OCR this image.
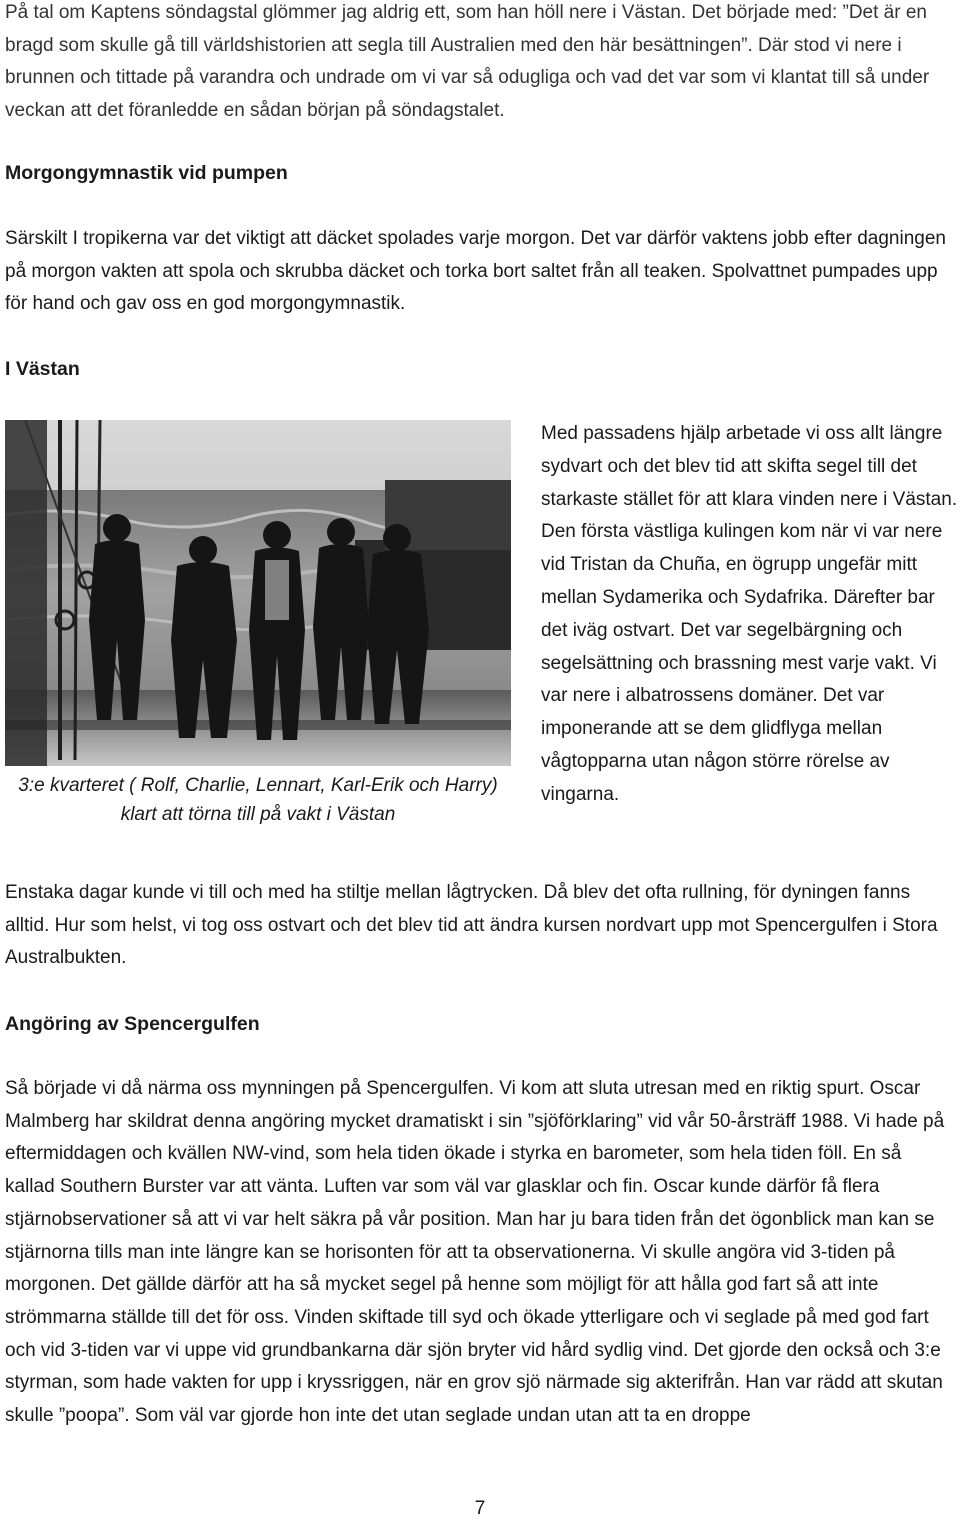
På tal om Kaptens söndagstal glömmer jag aldrig ett, som han höll nere i Västan. Det började med: ”Det är en bragd som skulle gå till världshistorien att segla till Australien med den här besättningen”. Där stod vi nere i brunnen och tittade på varandra och undrade om vi var så odugliga och vad det var som vi klantat till så under veckan att det föranledde en sådan början på söndagstalet.

Morgongymnastik vid pumpen

Särskilt I tropikerna var det viktigt att däcket spolades varje morgon. Det var därför vaktens jobb efter dagningen på morgon vakten att spola och skrubba däcket och torka bort saltet från all teaken. Spolvattnet pumpades upp för hand och gav oss en god morgongymnastik.

I Västan
3:e kvarteret ( Rolf, Charlie, Lennart, Karl-Erik och Harry) klart att törna till på vakt i Västan
Med passadens hjälp arbetade vi oss allt längre sydvart och det blev tid att skifta segel till det starkaste stället för att klara vinden nere i Västan. Den första västliga kulingen kom när vi var nere vid Tristan da Chuña, en ögrupp ungefär mitt mellan Sydamerika och Sydafrika. Därefter bar det iväg ostvart. Det var segelbärgning och segelsättning och brassning mest varje vakt. Vi var nere i albatrossens domäner. Det var imponerande att se dem glidflyga mellan vågtopparna utan någon större rörelse av vingarna.

Enstaka dagar kunde vi till och med ha stiltje mellan lågtrycken. Då blev det ofta rullning, för dyningen fanns alltid. Hur som helst, vi tog oss ostvart och det blev tid att ändra kursen nordvart upp mot Spencergulfen i Stora Australbukten.

Angöring av Spencergulfen

Så började vi då närma oss mynningen på Spencergulfen. Vi kom att sluta utresan med en riktig spurt. Oscar Malmberg har skildrat denna angöring mycket dramatiskt i sin ”sjöförklaring” vid vår 50-årsträff 1988. Vi hade på eftermiddagen och kvällen NW-vind, som hela tiden ökade i styrka en barometer, som hela tiden föll. En så kallad Southern Burster var att vänta. Luften var som väl var glasklar och fin. Oscar kunde därför få flera stjärnobservationer så att vi var helt säkra på vår position. Man har ju bara tiden från det ögonblick man kan se stjärnorna tills man inte längre kan se horisonten för att ta observationerna. Vi skulle angöra vid 3-tiden på morgonen. Det gällde därför att ha så mycket segel på henne som möjligt för att hålla god fart så att inte strömmarna ställde till det för oss. Vinden skiftade till syd och ökade ytterligare och vi seglade på med god fart och vid 3-tiden var vi uppe vid grundbankarna där sjön bryter vid hård sydlig vind. Det gjorde den också och 3:e styrman, som hade vakten for upp i kryssriggen, när en grov sjö närmade sig akterifrån. Han var rädd att skutan skulle ”poopa”. Som väl var gjorde hon inte det utan seglade undan utan att ta en droppe

7
